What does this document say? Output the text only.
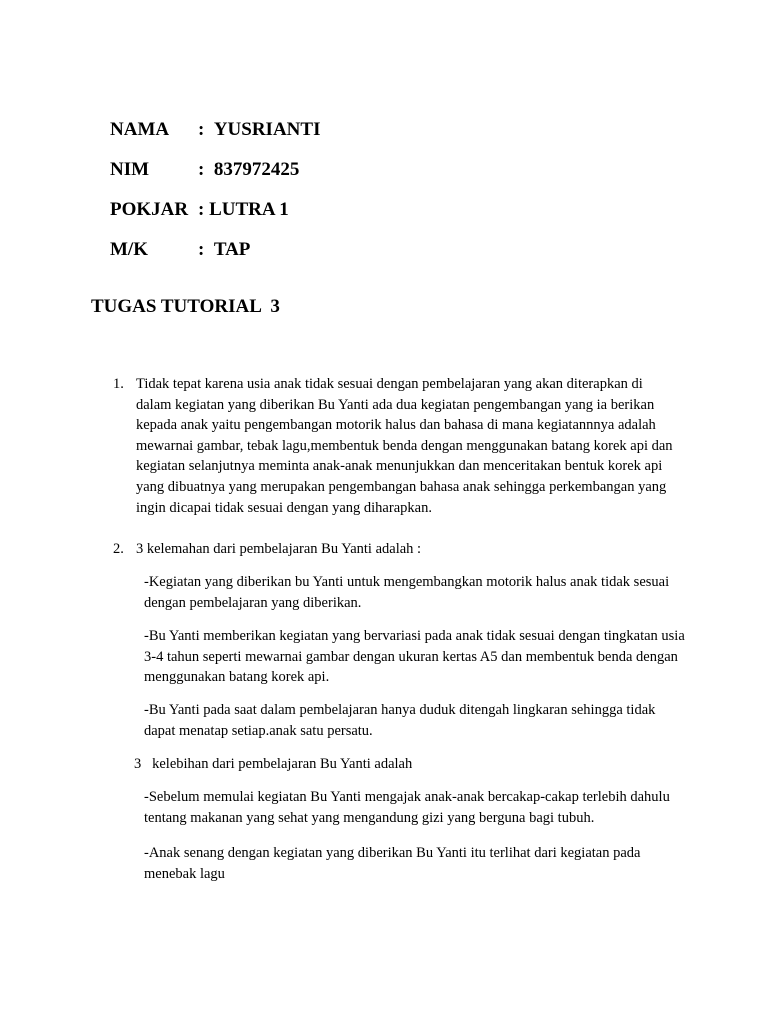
NAMA :  YUSRIANTI

NIM	:  837972425

POKJAR : LUTRA 1

M/K	:  TAP

TUGAS TUTORIAL  3
1. Tidak tepat karena usia anak tidak sesuai dengan pembelajaran yang akan diterapkan di dalam kegiatan yang diberikan Bu Yanti ada dua kegiatan pengembangan yang ia berikan kepada anak yaitu pengembangan motorik halus dan bahasa di mana kegiatannnya adalah mewarnai gambar, tebak lagu,membentuk benda dengan menggunakan batang korek api dan kegiatan selanjutnya meminta anak-anak menunjukkan dan menceritakan bentuk korek api yang dibuatnya yang merupakan pengembangan bahasa anak sehingga perkembangan yang ingin dicapai tidak sesuai dengan yang diharapkan.
2. 3 kelemahan dari pembelajaran Bu Yanti adalah :
-Kegiatan yang diberikan bu Yanti untuk mengembangkan motorik halus anak tidak sesuai dengan pembelajaran yang diberikan.
-Bu Yanti memberikan kegiatan yang bervariasi pada anak tidak sesuai dengan tingkatan usia 3-4 tahun seperti mewarnai gambar dengan ukuran kertas A5 dan membentuk benda dengan menggunakan batang korek api.
-Bu Yanti pada saat dalam pembelajaran hanya duduk ditengah lingkaran sehingga tidak dapat menatap setiap.anak satu persatu.
3   kelebihan dari pembelajaran Bu Yanti adalah
-Sebelum memulai kegiatan Bu Yanti mengajak anak-anak bercakap-cakap terlebih dahulu tentang makanan yang sehat yang mengandung gizi yang berguna bagi tubuh.
-Anak senang dengan kegiatan yang diberikan Bu Yanti itu terlihat dari kegiatan pada menebak lagu
